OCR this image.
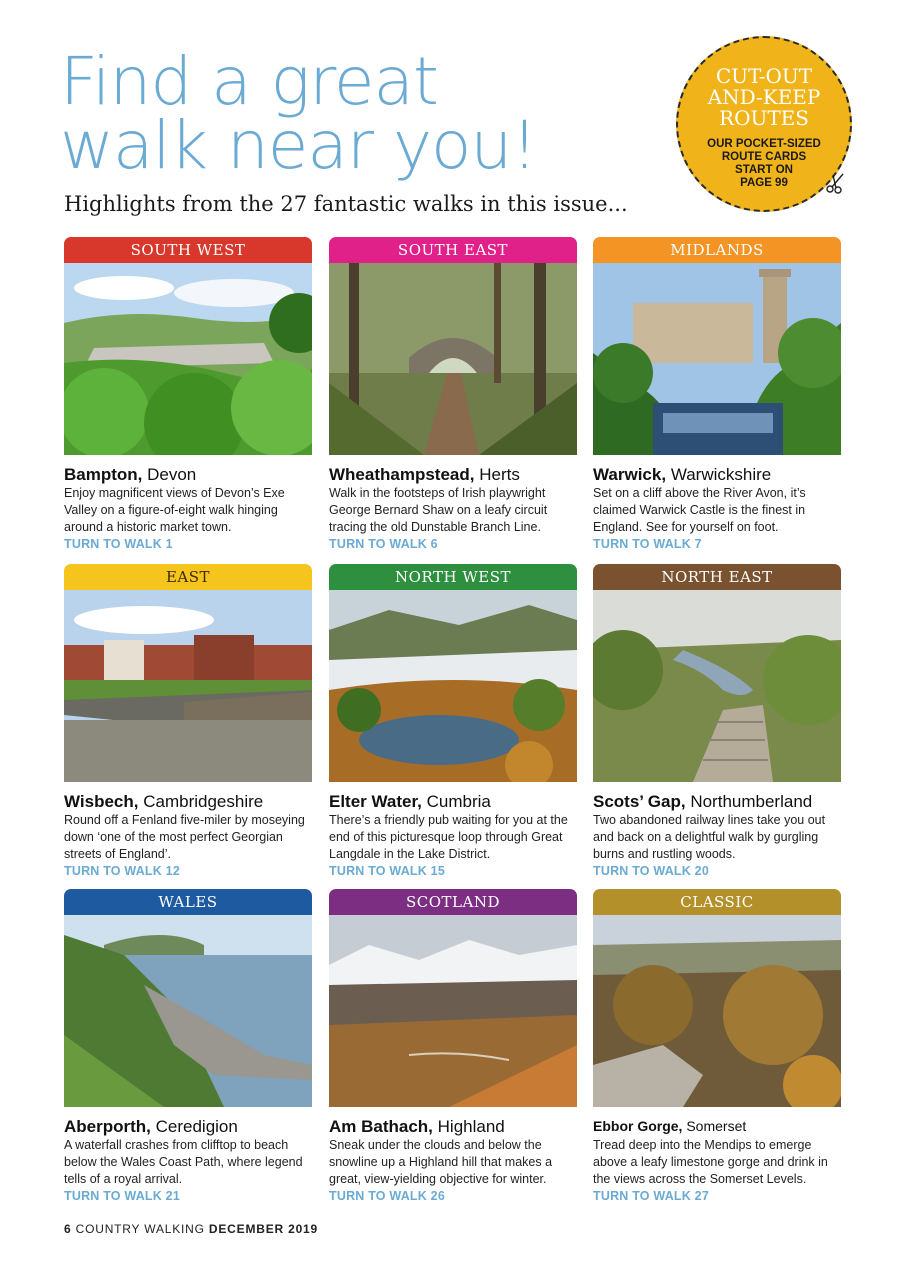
Find a great
walk near you!

Highlights from the 27 fantastic walks in this issue...

CUT-OUT
AND-KEEP
ROUTES
OUR POCKET-SIZED
ROUTE CARDS
START ON
PAGE 99
SOUTH WEST
Bampton, Devon
Enjoy magnificent views of Devon’s Exe Valley on a figure-of-eight walk hinging around a historic market town.
TURN TO WALK 1
SOUTH EAST
Wheathampstead, Herts
Walk in the footsteps of Irish playwright George Bernard Shaw on a leafy circuit tracing the old Dunstable Branch Line.
TURN TO WALK 6
MIDLANDS
Warwick, Warwickshire
Set on a cliff above the River Avon, it’s claimed Warwick Castle is the finest in England. See for yourself on foot.
TURN TO WALK 7
EAST
Wisbech, Cambridgeshire
Round off a Fenland five-miler by moseying down ‘one of the most perfect Georgian streets of England’.
TURN TO WALK 12
NORTH WEST
Elter Water, Cumbria
There’s a friendly pub waiting for you at the end of this picturesque loop through Great Langdale in the Lake District.
TURN TO WALK 15
NORTH EAST
Scots’ Gap, Northumberland
Two abandoned railway lines take you out and back on a delightful walk by gurgling burns and rustling woods.
TURN TO WALK 20
WALES
Aberporth, Ceredigion
A waterfall crashes from clifftop to beach below the Wales Coast Path, where legend tells of a royal arrival.
TURN TO WALK 21
SCOTLAND
Am Bathach, Highland
Sneak under the clouds and below the snowline up a Highland hill that makes a great, view-yielding objective for winter.
TURN TO WALK 26
CLASSIC
Ebbor Gorge, Somerset
Tread deep into the Mendips to emerge above a leafy limestone gorge and drink in the views across the Somerset Levels.
TURN TO WALK 27
6 COUNTRY WALKING DECEMBER 2019
